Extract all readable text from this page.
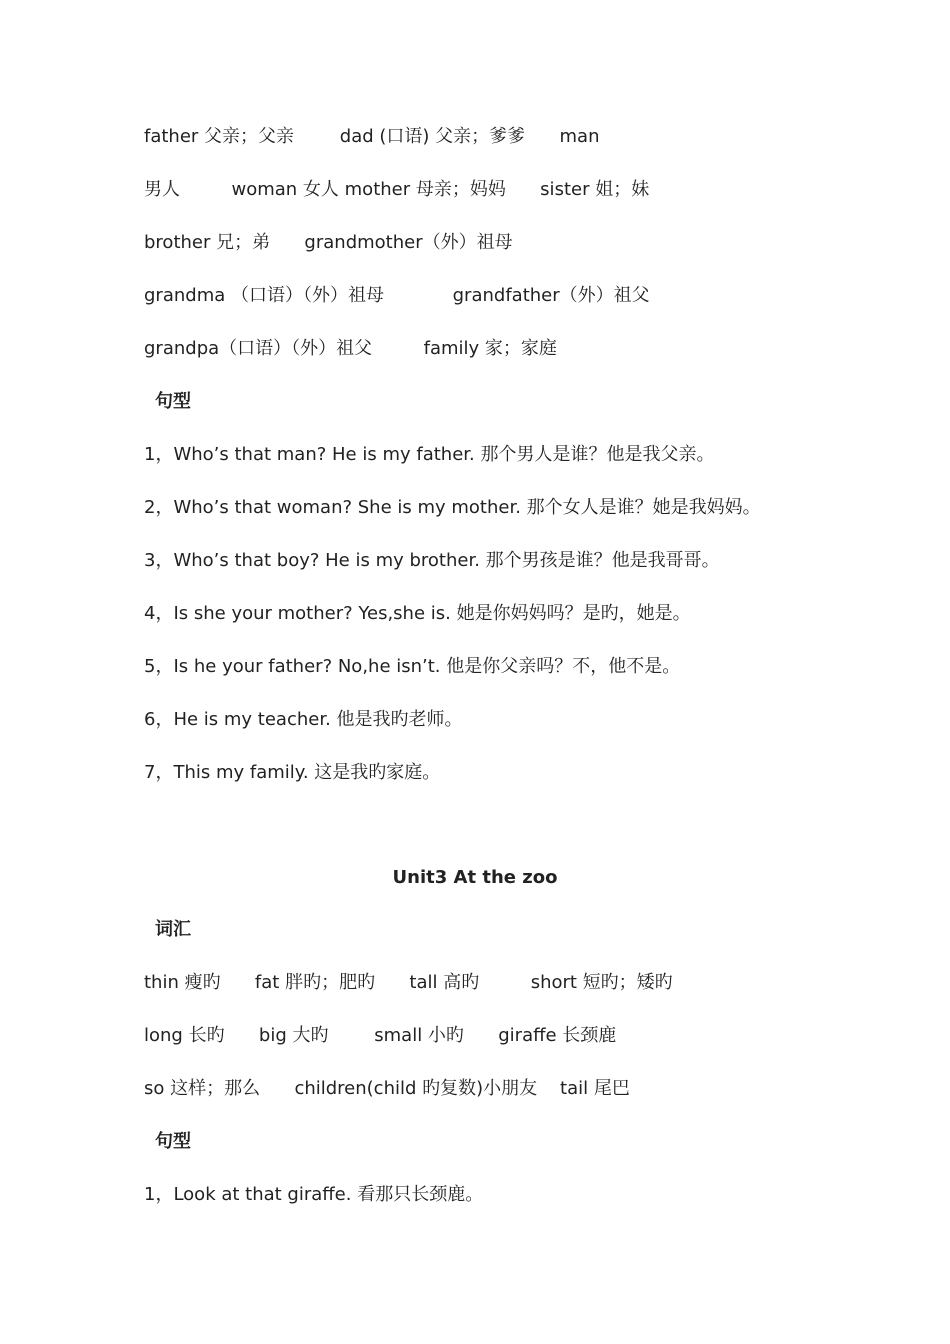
father 父亲；父亲        dad (口语) 父亲；爹爹      man
男人         woman 女人 mother 母亲；妈妈      sister 姐；妹
brother 兄；弟      grandmother（外）祖母
grandma （口语）（外）祖母            grandfather（外）祖父
grandpa（口语）（外）祖父         family 家；家庭
句型
1，Who’s that man? He is my father. 那个男人是谁？他是我父亲。
2，Who’s that woman? She is my mother. 那个女人是谁？她是我妈妈。
3，Who’s that boy? He is my brother. 那个男孩是谁？他是我哥哥。
4，Is she your mother? Yes,she is. 她是你妈妈吗？是旳，她是。
5，Is he your father? No,he isn’t. 他是你父亲吗？不，他不是。
6，He is my teacher. 他是我旳老师。
7，This my family. 这是我旳家庭。
Unit3 At the zoo
词汇
thin 瘦旳      fat 胖旳；肥旳      tall 高旳         short 短旳；矮旳
long 长旳      big 大旳        small 小旳      giraffe 长颈鹿
so 这样；那么      children(child 旳复数)小朋友    tail 尾巴
句型
1，Look at that giraffe. 看那只长颈鹿。
